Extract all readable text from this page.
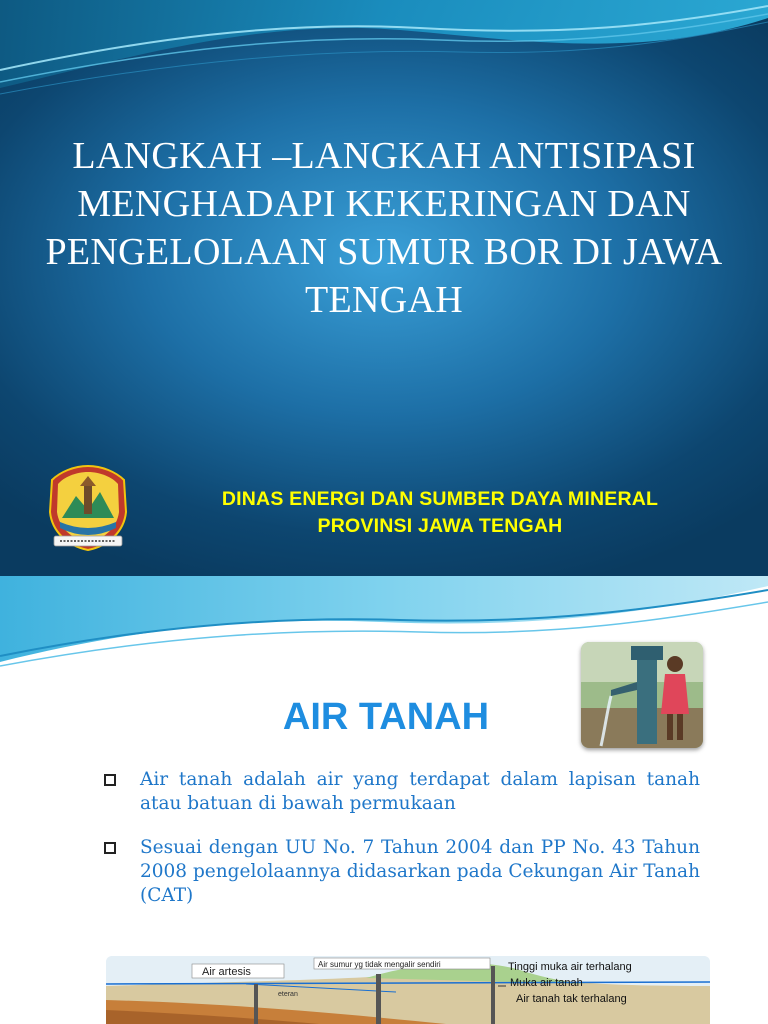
LANGKAH –LANGKAH ANTISIPASI
MENGHADAPI KEKERINGAN DAN
PENGELOLAAN SUMUR BOR DI JAWA
TENGAH
DINAS ENERGI DAN SUMBER DAYA MINERAL
PROVINSI JAWA TENGAH
AIR TANAH
Air tanah adalah air yang terdapat dalam lapisan tanah atau batuan di bawah permukaan
Sesuai dengan UU No. 7 Tahun 2004 dan PP No. 43 Tahun 2008 pengelolaannya didasarkan pada Cekungan Air Tanah (CAT)
Air artesis
Air sumur yg tidak mengalir sendiri
eteran
Tinggi muka air terhalang
Muka air tanah
Air tanah tak terhalang
